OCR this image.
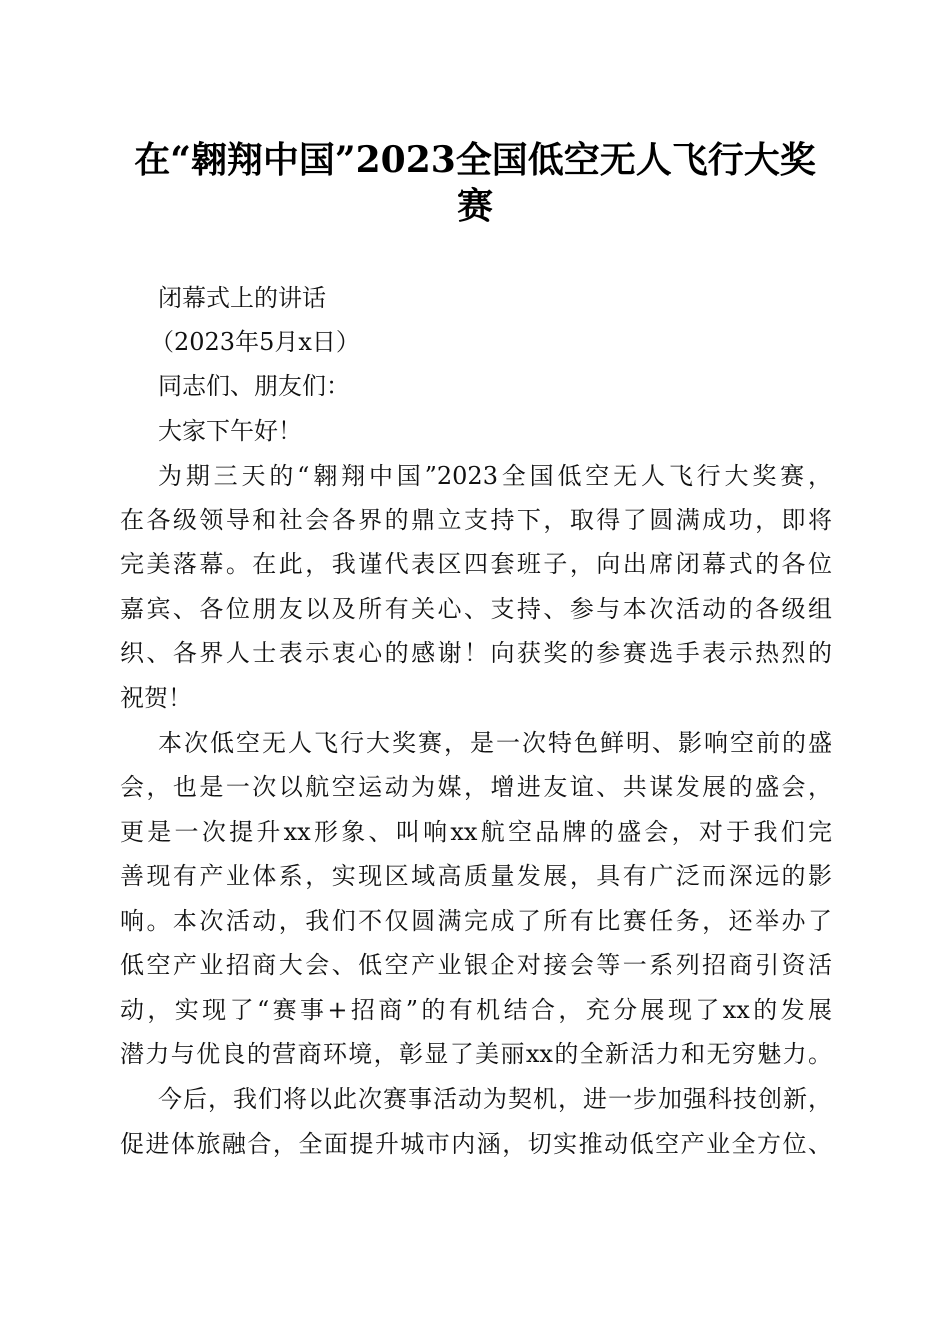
在“翱翔中国”2023全国低空无人飞行大奖
赛
闭幕式上的讲话
（2023年5月x日）
同志们、朋友们：
大家下午好！
为期三天的“翱翔中国”2023全国低空无人飞行大奖赛，
在各级领导和社会各界的鼎立支持下，取得了圆满成功，即将
完美落幕。在此，我谨代表区四套班子，向出席闭幕式的各位
嘉宾、各位朋友以及所有关心、支持、参与本次活动的各级组
织、各界人士表示衷心的感谢！向获奖的参赛选手表示热烈的
祝贺！
本次低空无人飞行大奖赛，是一次特色鲜明、影响空前的盛
会，也是一次以航空运动为媒，增进友谊、共谋发展的盛会，
更是一次提升xx形象、叫响xx航空品牌的盛会，对于我们完
善现有产业体系，实现区域高质量发展，具有广泛而深远的影
响。本次活动，我们不仅圆满完成了所有比赛任务，还举办了
低空产业招商大会、低空产业银企对接会等一系列招商引资活
动，实现了“赛事+招商”的有机结合，充分展现了xx的发展
潜力与优良的营商环境，彰显了美丽xx的全新活力和无穷魅力。
今后，我们将以此次赛事活动为契机，进一步加强科技创新，
促进体旅融合，全面提升城市内涵，切实推动低空产业全方位、
